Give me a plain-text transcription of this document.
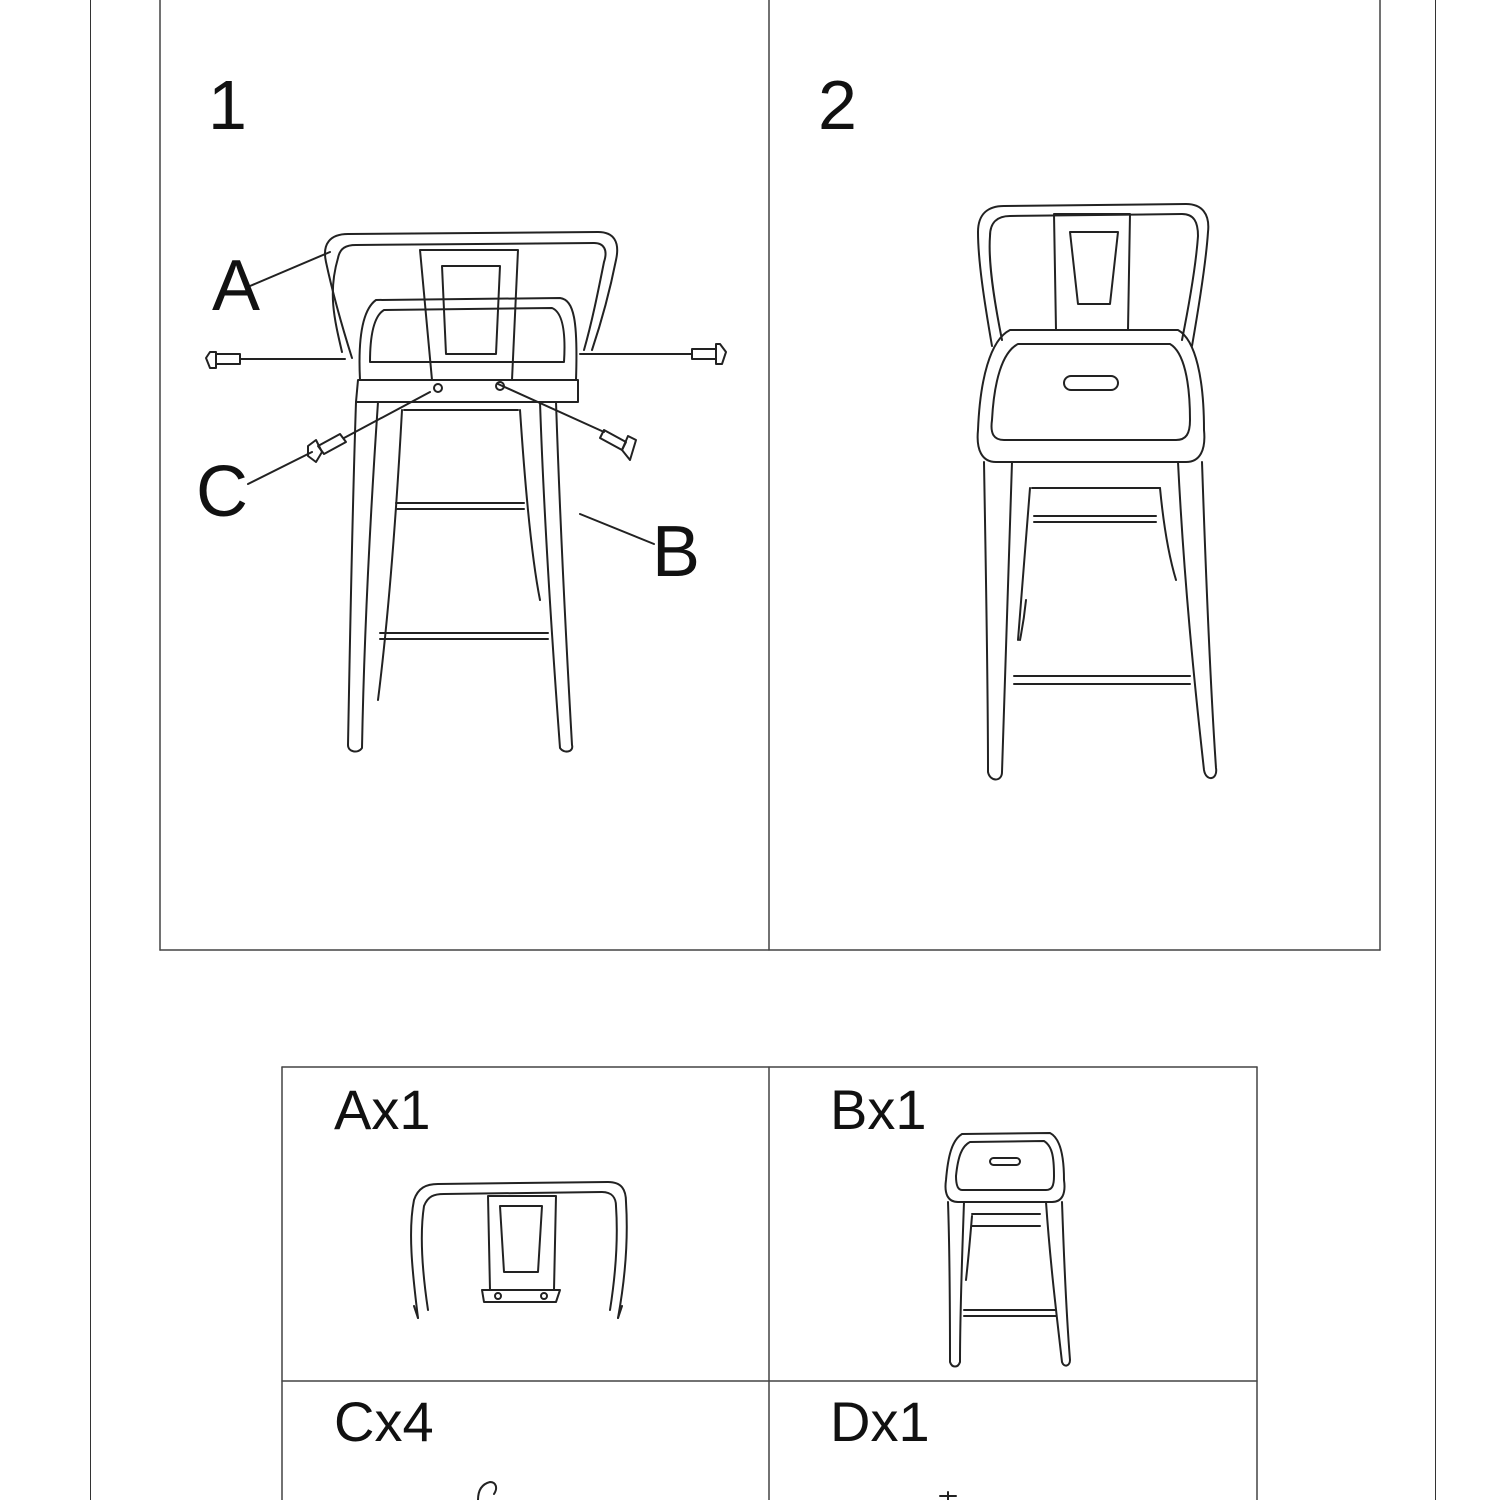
1	2
A
C
B
Ax1	Bx1
Cx4	Dx1
